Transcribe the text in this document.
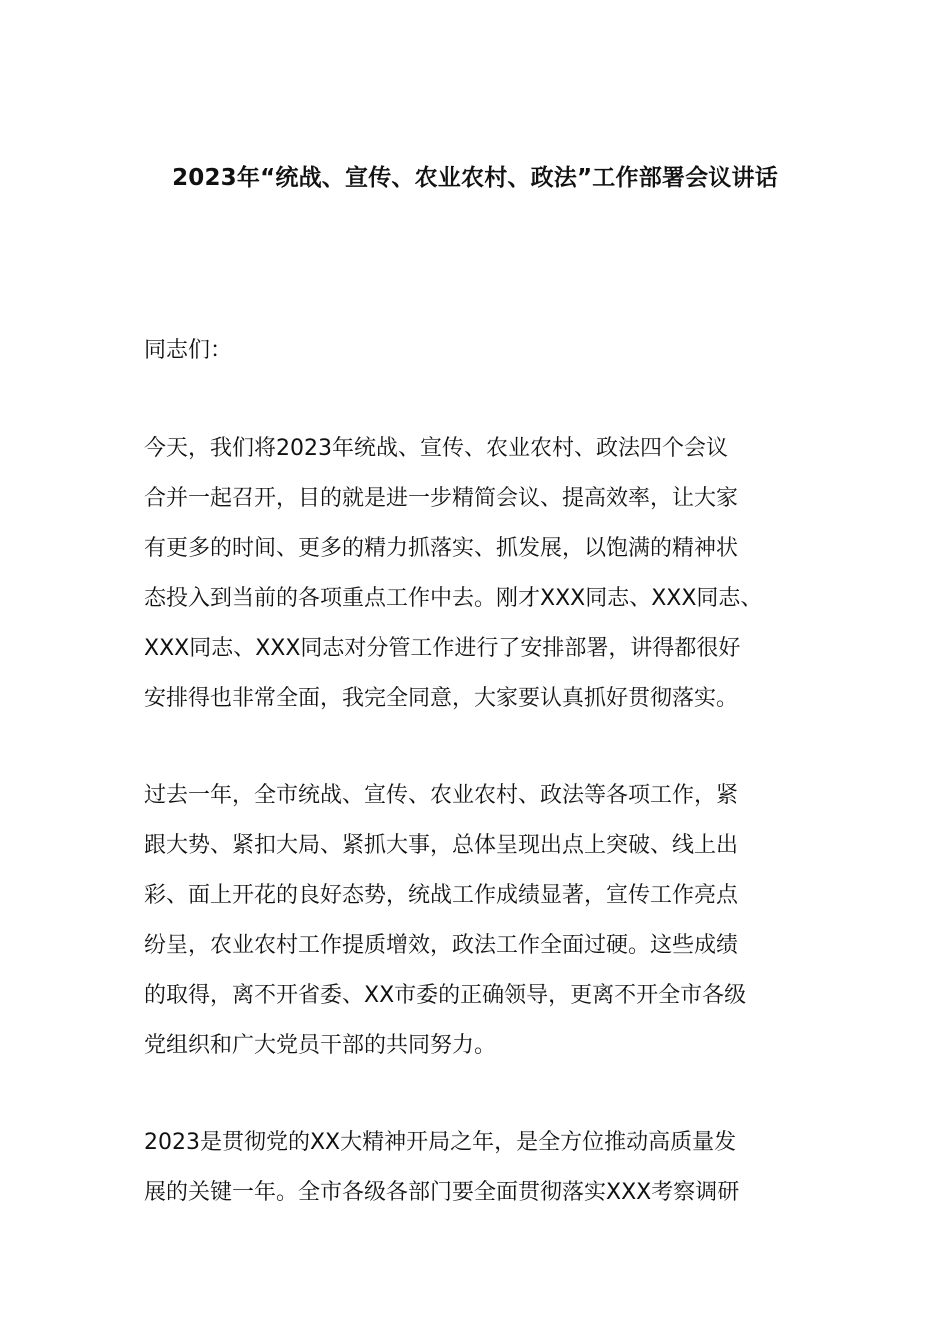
2023年“统战、宣传、农业农村、政法”工作部署会议讲话
同志们：
今天，我们将2023年统战、宣传、农业农村、政法四个会议
合并一起召开，目的就是进一步精简会议、提高效率，让大家
有更多的时间、更多的精力抓落实、抓发展，以饱满的精神状
态投入到当前的各项重点工作中去。刚才XXX同志、XXX同志、
XXX同志、XXX同志对分管工作进行了安排部署，讲得都很好
安排得也非常全面，我完全同意，大家要认真抓好贯彻落实。
过去一年，全市统战、宣传、农业农村、政法等各项工作，紧
跟大势、紧扣大局、紧抓大事，总体呈现出点上突破、线上出
彩、面上开花的良好态势，统战工作成绩显著，宣传工作亮点
纷呈，农业农村工作提质增效，政法工作全面过硬。这些成绩
的取得，离不开省委、XX市委的正确领导，更离不开全市各级
党组织和广大党员干部的共同努力。
2023是贯彻党的XX大精神开局之年，是全方位推动高质量发
展的关键一年。全市各级各部门要全面贯彻落实XXX考察调研
